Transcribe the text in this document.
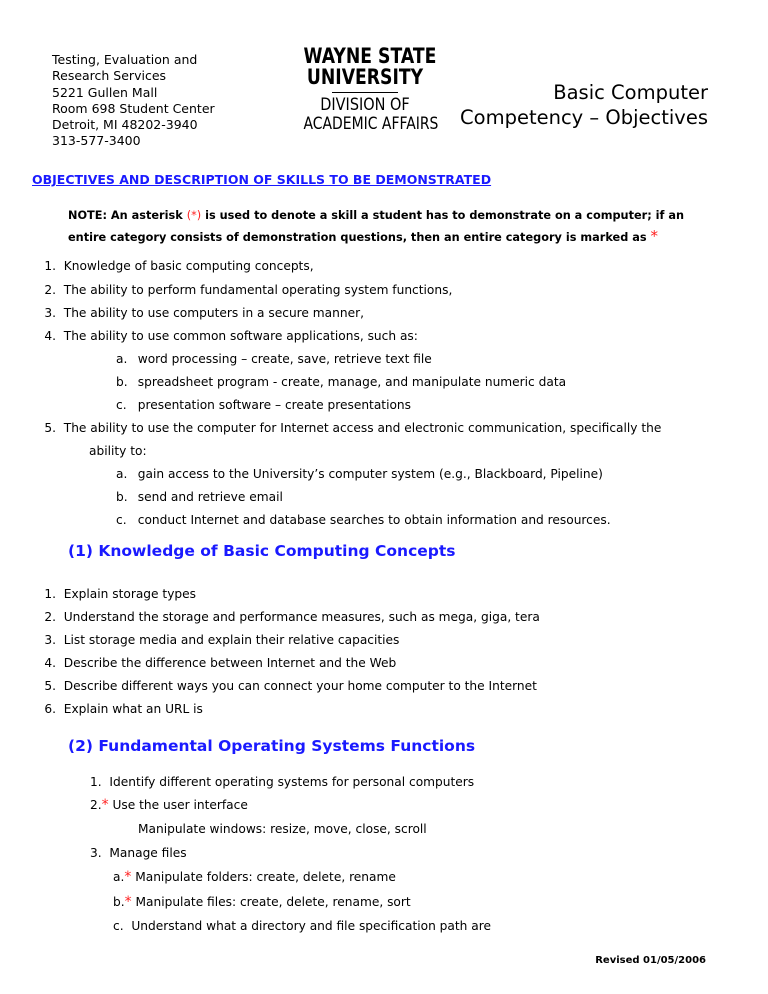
Testing, Evaluation and
Research Services
5221 Gullen Mall
Room 698 Student Center
Detroit, MI 48202-3940
313-577-3400
WAYNE STATE
UNIVERSITY
DIVISION OF
ACADEMIC AFFAIRS
Basic Computer
Competency – Objectives
OBJECTIVES AND DESCRIPTION OF SKILLS TO BE DEMONSTRATED
NOTE: An asterisk (*) is used to denote a skill a student has to demonstrate on a computer; if an entire category consists of demonstration questions, then an entire category is marked as *
1. Knowledge of basic computing concepts,
2. The ability to perform fundamental operating system functions,
3. The ability to use computers in a secure manner,
4. The ability to use common software applications, such as:
a. word processing – create, save, retrieve text file
b. spreadsheet program - create, manage, and manipulate numeric data
c. presentation software – create presentations
5. The ability to use the computer for Internet access and electronic communication, specifically the
ability to:
a. gain access to the University’s computer system (e.g., Blackboard, Pipeline)
b. send and retrieve email
c. conduct Internet and database searches to obtain information and resources.
(1) Knowledge of Basic Computing Concepts
1. Explain storage types
2. Understand the storage and performance measures, such as mega, giga, tera
3. List storage media and explain their relative capacities
4. Describe the difference between Internet and the Web
5. Describe different ways you can connect your home computer to the Internet
6. Explain what an URL is
(2) Fundamental Operating Systems Functions
1. Identify different operating systems for personal computers
2.* Use the user interface
Manipulate windows: resize, move, close, scroll
3. Manage files
a.* Manipulate folders: create, delete, rename
b.* Manipulate files: create, delete, rename, sort
c. Understand what a directory and file specification path are
Revised 01/05/2006
